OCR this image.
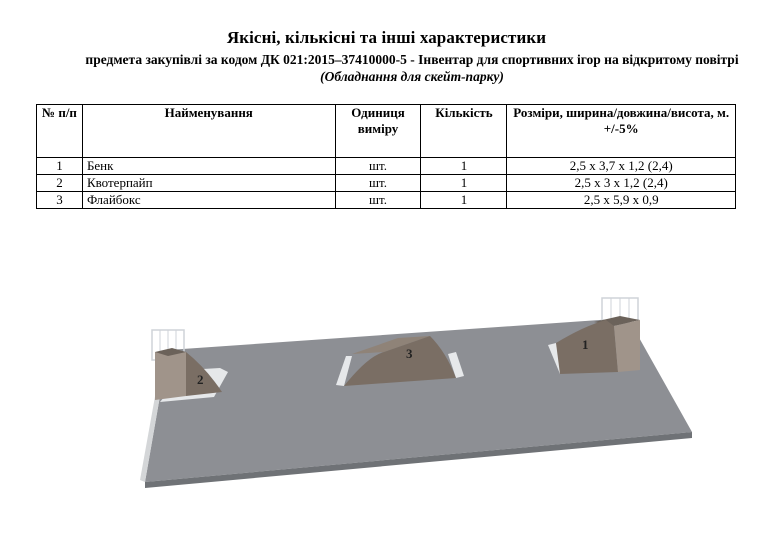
Якісні, кількісні та інші характеристики
предмета закупівлі за кодом ДК 021:2015–37410000-5 - Інвентар для спортивних ігор на відкритому повітрі (Обладнання для скейт-парку)
№ п/п	Найменування	Одиниця виміру	Кількість	Розміри, ширина/довжина/висота, м. +/-5%
1	Бенк	шт.	1	2,5 х 3,7 х 1,2 (2,4)
2	Квотерпайп	шт.	1	2,5 х 3 х 1,2 (2,4)
3	Флайбокс	шт.	1	2,5 х 5,9 х 0,9
2
3
1
